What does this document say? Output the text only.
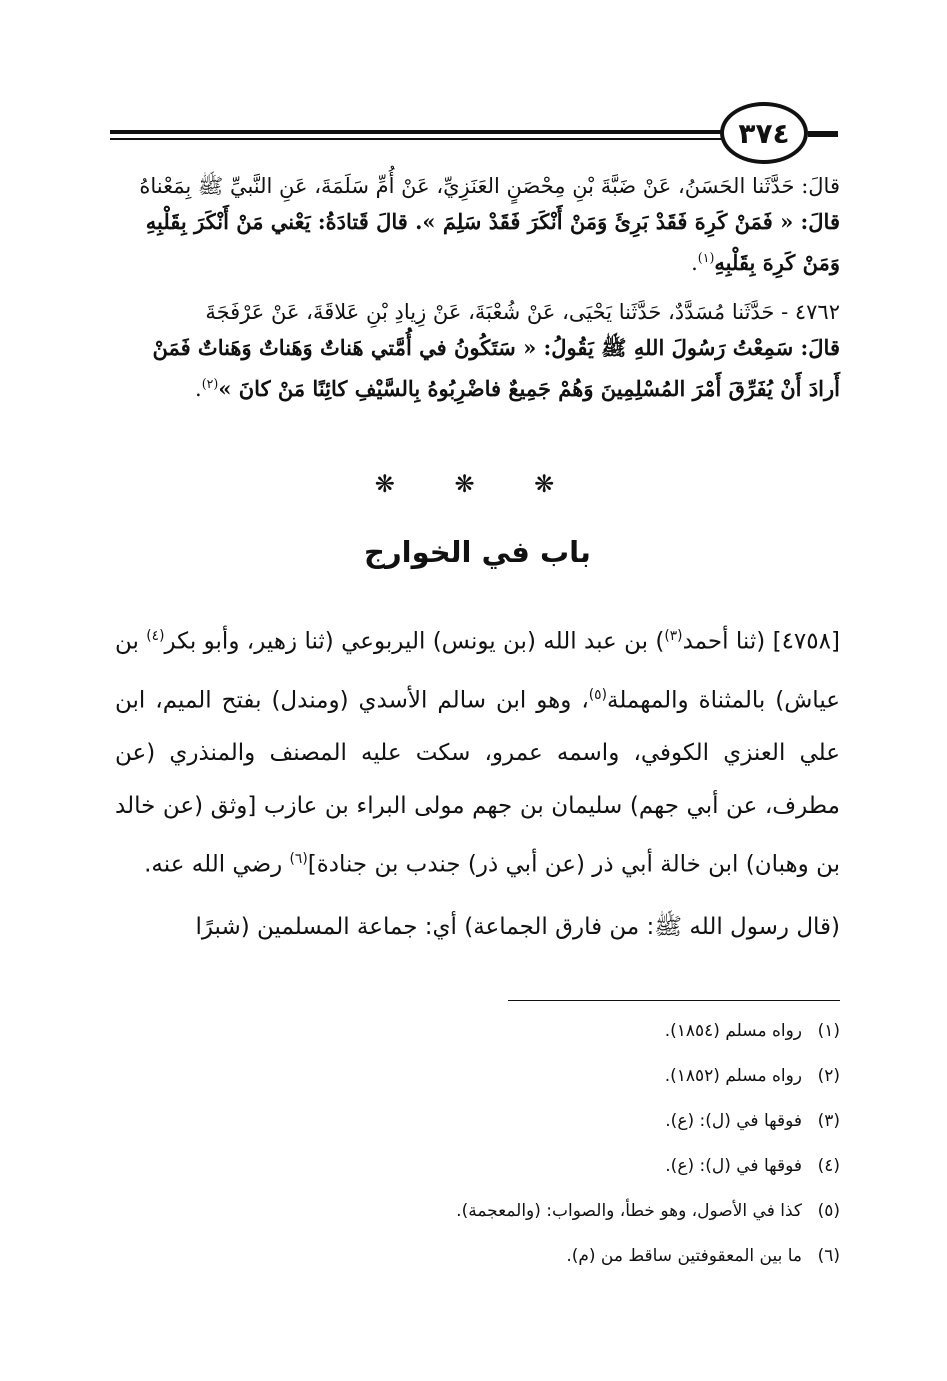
٣٧٤

قالَ: حَدَّثَنا الحَسَنُ، عَنْ ضَبَّةَ بْنِ مِحْصَنٍ العَنَزِيِّ، عَنْ أُمِّ سَلَمَةَ، عَنِ النَّبيِّ ﷺ بِمَعْناهُ

قالَ: « فَمَنْ كَرِهَ فَقَدْ بَرِئَ وَمَنْ أَنْكَرَ فَقَدْ سَلِمَ ». قالَ قَتادَةُ: يَعْني مَنْ أَنْكَرَ بِقَلْبِهِ

وَمَنْ كَرِهَ بِقَلْبِهِ$^{(١)}$.

٤٧٦٢ - حَدَّثَنا مُسَدَّدٌ، حَدَّثَنا يَحْيَى، عَنْ شُعْبَةَ، عَنْ زِيادِ بْنِ عَلاقَةَ، عَنْ عَرْفَجَةَ

قالَ: سَمِعْتُ رَسُولَ اللهِ ﷺ يَقُولُ: « سَتَكُونُ في أُمَّتي هَناتٌ وَهَناتٌ وَهَناتٌ فَمَنْ

أَرادَ أَنْ يُفَرِّقَ أَمْرَ المُسْلِمِينَ وَهُمْ جَمِيعٌ فاضْرِبُوهُ بِالسَّيْفِ كائِنًا مَنْ كانَ »$^{(٢)}$.

❋ ❋ ❋
باب في الخوارج

[٤٧٥٨] (ثنا أحمد$^{(٣)}$) بن عبد الله (بن يونس) اليربوعي (ثنا زهير، وأبو بكر$^{(٤)}$ بن عياش) بالمثناة والمهملة$^{(٥)}$، وهو ابن سالم الأسدي (ومندل) بفتح الميم، ابن علي العنزي الكوفي، واسمه عمرو، سكت عليه المصنف والمنذري (عن مطرف، عن أبي جهم) سليمان بن جهم مولى البراء بن عازب [وثق (عن خالد بن وهبان) ابن خالة أبي ذر (عن أبي ذر) جندب بن جنادة]$^{(٦)}$ رضي الله عنه.

(قال رسول الله ﷺ: من فارق الجماعة) أي: جماعة المسلمين (شبرًا

(١)رواه مسلم (١٨٥٤).
(٢)رواه مسلم (١٨٥٢).
(٣)فوقها في (ل): (ع).
(٤)فوقها في (ل): (ع).
(٥)كذا في الأصول، وهو خطأ، والصواب: (والمعجمة).
(٦)ما بين المعقوفتين ساقط من (م).
